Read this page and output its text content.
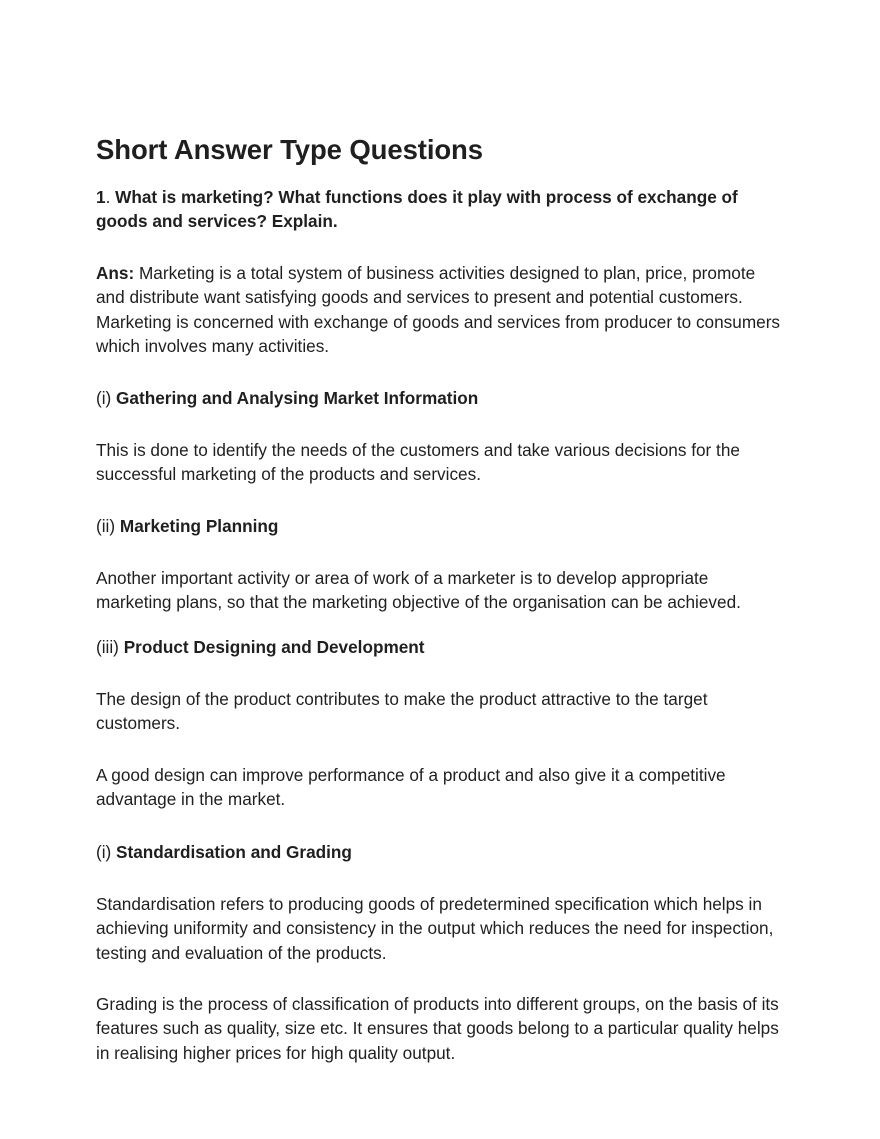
Short Answer Type Questions

1. What is marketing? What functions does it play with process of exchange of goods and services? Explain.

Ans: Marketing is a total system of business activities designed to plan, price, promote and distribute want satisfying goods and services to present and potential customers. Marketing is concerned with exchange of goods and services from producer to consumers which involves many activities.

(i) Gathering and Analysing Market Information

This is done to identify the needs of the customers and take various decisions for the successful marketing of the products and services.

(ii) Marketing Planning

Another important activity or area of work of a marketer is to develop appropriate marketing plans, so that the marketing objective of the organisation can be achieved.

(iii) Product Designing and Development

The design of the product contributes to make the product attractive to the target customers.

A good design can improve performance of a product and also give it a competitive advantage in the market.

(i) Standardisation and Grading

Standardisation refers to producing goods of predetermined specification which helps in achieving uniformity and consistency in the output which reduces the need for inspection, testing and evaluation of the products.

Grading is the process of classification of products into different groups, on the basis of its features such as quality, size etc. It ensures that goods belong to a particular quality helps in realising higher prices for high quality output.
